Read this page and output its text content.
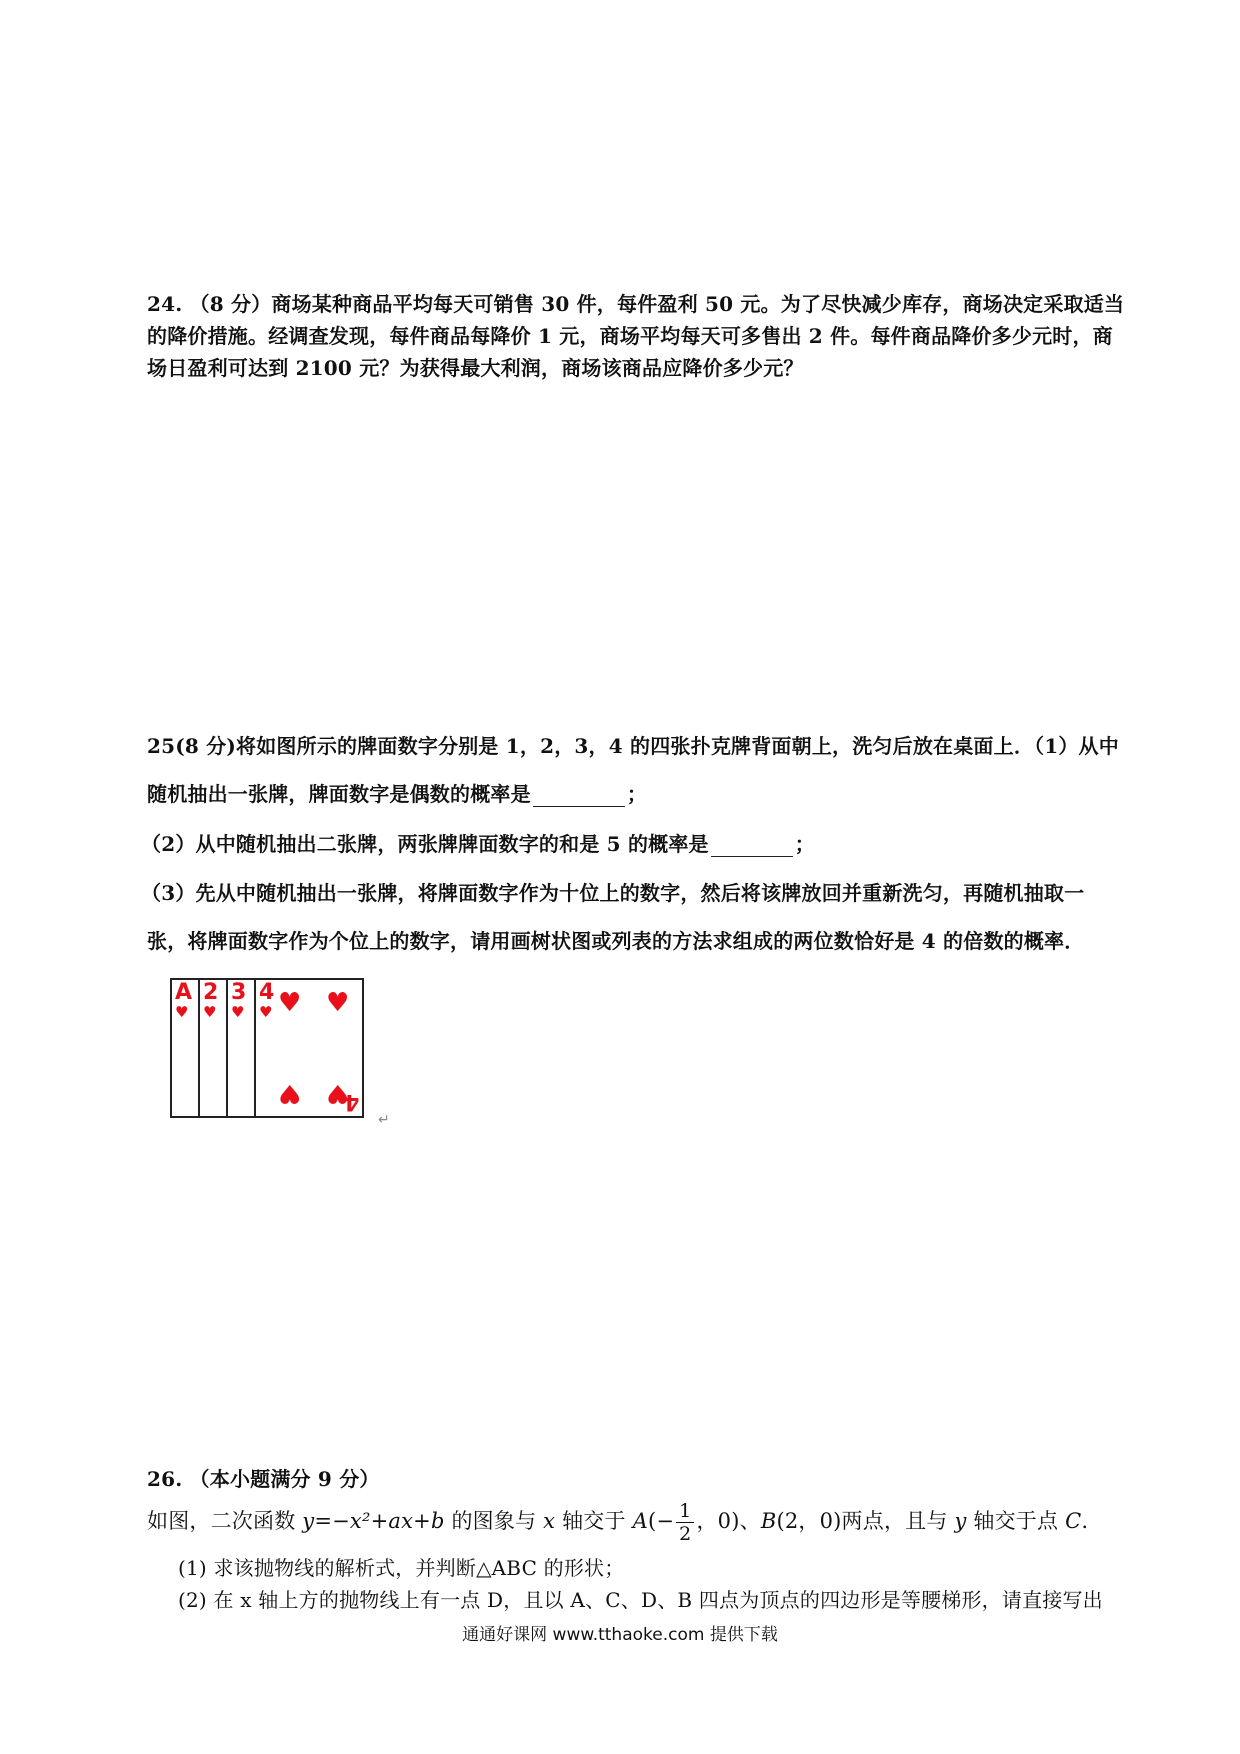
24. （8 分）商场某种商品平均每天可销售 30 件，每件盈利 50 元。为了尽快减少库存，商场决定采取适当
的降价措施。经调查发现，每件商品每降价 1 元，商场平均每天可多售出 2 件。每件商品降价多少元时，商
场日盈利可达到 2100 元？为获得最大利润，商场该商品应降价多少元？
25(8 分)将如图所示的牌面数字分别是 1，2，3，4 的四张扑克牌背面朝上，洗匀后放在桌面上．（1）从中
随机抽出一张牌，牌面数字是偶数的概率是	；
（2）从中随机抽出二张牌，两张牌牌面数字的和是 5 的概率是	；
（3）先从中随机抽出一张牌，将牌面数字作为十位上的数字，然后将该牌放回并重新洗匀，再随机抽取一
张，将牌面数字作为个位上的数字，请用画树状图或列表的方法求组成的两位数恰好是 4 的倍数的概率．
A
♥
2
♥
3
♥
4
♥ ♥ ♥
♥ ♥
4
↵
26. （本小题满分 9 分）
如图，二次函数 y=−x²+ax+b 的图象与 x 轴交于 $A(- \frac{1}{2}$ ，0)、B(2，0)两点，且与 y 轴交于点 C.
(1) 求该抛物线的解析式，并判断△ABC 的形状；
(2) 在 x 轴上方的抛物线上有一点 D，且以 A、C、D、B 四点为顶点的四边形是等腰梯形，请直接写出
通通好课网 www.tthaoke.com 提供下载
